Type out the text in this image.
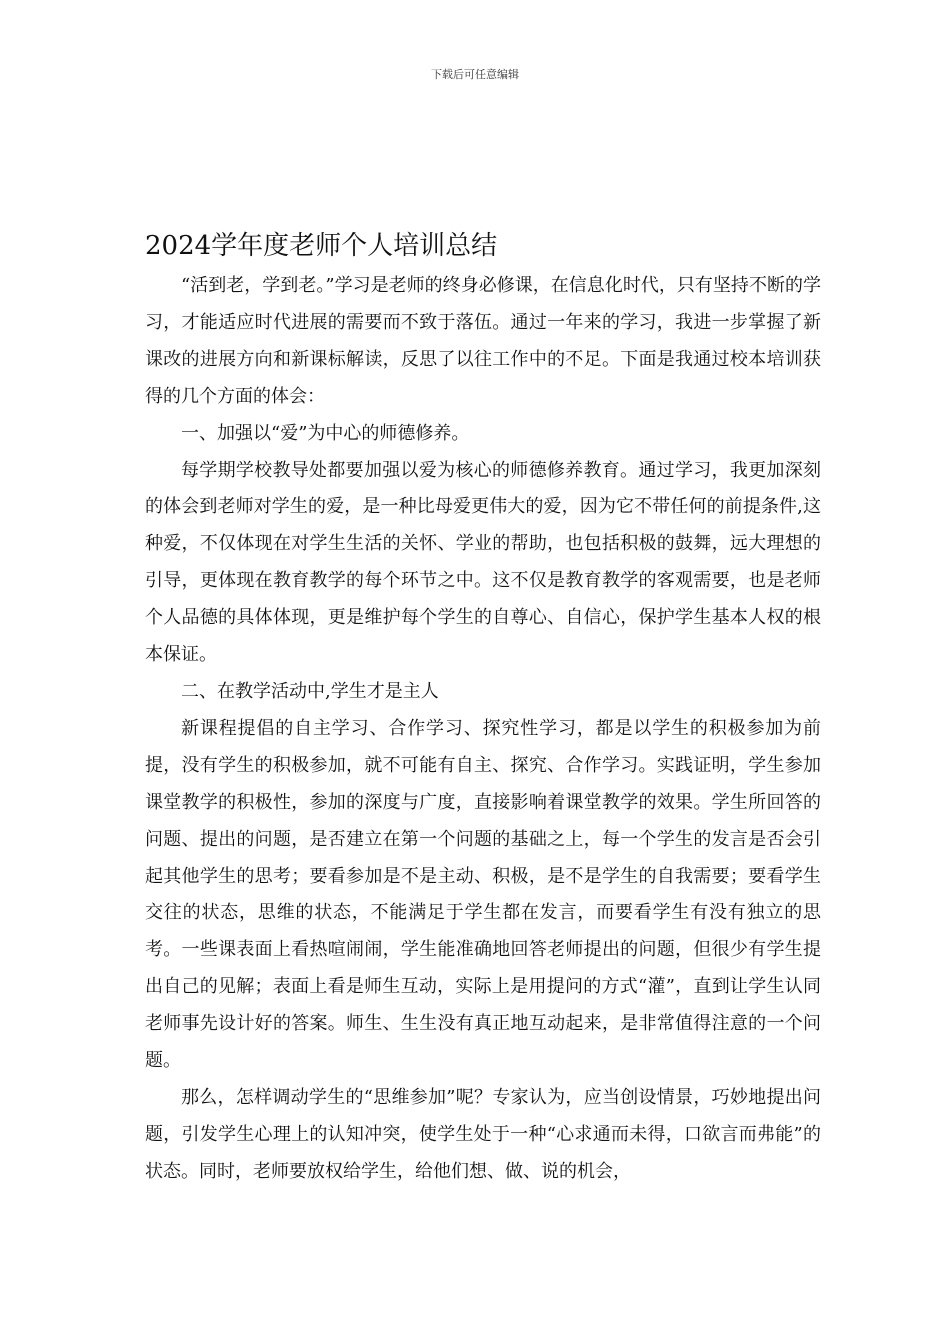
下载后可任意编辑
2024学年度老师个人培训总结

“活到老，学到老。”学习是老师的终身必修课，在信息化时代，只有坚持不断的学习，才能适应时代进展的需要而不致于落伍。通过一年来的学习，我进一步掌握了新课改的进展方向和新课标解读，反思了以往工作中的不足。下面是我通过校本培训获得的几个方面的体会：

一、加强以“爱”为中心的师德修养。

每学期学校教导处都要加强以爱为核心的师德修养教育。通过学习，我更加深刻的体会到老师对学生的爱，是一种比母爱更伟大的爱，因为它不带任何的前提条件,这种爱，不仅体现在对学生生活的关怀、学业的帮助，也包括积极的鼓舞，远大理想的引导，更体现在教育教学的每个环节之中。这不仅是教育教学的客观需要，也是老师个人品德的具体体现，更是维护每个学生的自尊心、自信心，保护学生基本人权的根本保证。

二、在教学活动中,学生才是主人

新课程提倡的自主学习、合作学习、探究性学习，都是以学生的积极参加为前提，没有学生的积极参加，就不可能有自主、探究、合作学习。实践证明，学生参加课堂教学的积极性，参加的深度与广度，直接影响着课堂教学的效果。学生所回答的问题、提出的问题，是否建立在第一个问题的基础之上，每一个学生的发言是否会引起其他学生的思考；要看参加是不是主动、积极，是不是学生的自我需要；要看学生交往的状态，思维的状态，不能满足于学生都在发言，而要看学生有没有独立的思考。一些课表面上看热喧闹闹，学生能准确地回答老师提出的问题，但很少有学生提出自己的见解；表面上看是师生互动，实际上是用提问的方式“灌”，直到让学生认同老师事先设计好的答案。师生、生生没有真正地互动起来，是非常值得注意的一个问题。

那么，怎样调动学生的“思维参加”呢？专家认为，应当创设情景，巧妙地提出问题，引发学生心理上的认知冲突，使学生处于一种“心求通而未得，口欲言而弗能”的状态。同时，老师要放权给学生，给他们想、做、说的机会，
